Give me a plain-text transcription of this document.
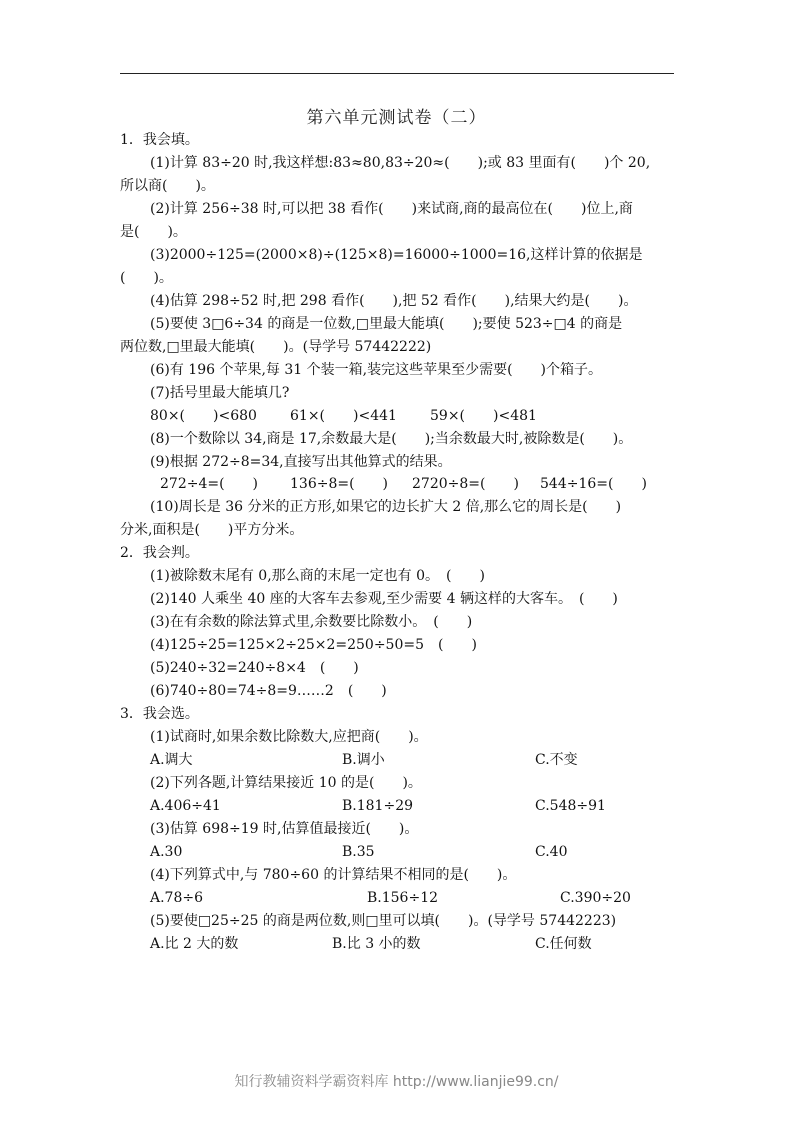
第六单元测试卷（二）
1．我会填。
(1)计算 83÷20 时,我这样想:83≈80,83÷20≈(　　);或 83 里面有(　　)个 20,
所以商(　　)。
(2)计算 256÷38 时,可以把 38 看作(　　)来试商,商的最高位在(　　)位上,商
是(　　)。
(3)2000÷125=(2000×8)÷(125×8)=16000÷1000=16,这样计算的依据是
(　　)。
(4)估算 298÷52 时,把 298 看作(　　),把 52 看作(　　),结果大约是(　　)。
(5)要使 3□6÷34 的商是一位数,□里最大能填(　　);要使 523÷□4 的商是
两位数,□里最大能填(　　)。(导学号 57442222)
(6)有 196 个苹果,每 31 个装一箱,装完这些苹果至少需要(　　)个箱子。
(7)括号里最大能填几?
80×(　　)<680 61×(　　)<441 59×(　　)<481
(8)一个数除以 34,商是 17,余数最大是(　　);当余数最大时,被除数是(　　)。
(9)根据 272÷8=34,直接写出其他算式的结果。
272÷4=(　　) 136÷8=(　　) 2720÷8=(　　) 544÷16=(　　)
(10)周长是 36 分米的正方形,如果它的边长扩大 2 倍,那么它的周长是(　　)
分米,面积是(　　)平方分米。
2．我会判。
(1)被除数末尾有 0,那么商的末尾一定也有 0。　(　　)
(2)140 人乘坐 40 座的大客车去参观,至少需要 4 辆这样的大客车。　(　　)
(3)在有余数的除法算式里,余数要比除数小。　(　　)
(4)125÷25=125×2÷25×2=250÷50=5　(　　)
(5)240÷32=240÷8×4　(　　)
(6)740÷80=74÷8=9……2　(　　)
3．我会选。
(1)试商时,如果余数比除数大,应把商(　　)。
A.调大	B.调小	C.不变
(2)下列各题,计算结果接近 10 的是(　　)。
A.406÷41	B.181÷29	C.548÷91
(3)估算 698÷19 时,估算值最接近(　　)。
A.30	B.35	C.40
(4)下列算式中,与 780÷60 的计算结果不相同的是(　　)。
A.78÷6	B.156÷12	C.390÷20
(5)要使□25÷25 的商是两位数,则□里可以填(　　)。(导学号 57442223)
A.比 2 大的数	B.比 3 小的数	C.任何数
知行教辅资料学霸资料库 http://www.lianjie99.cn/
